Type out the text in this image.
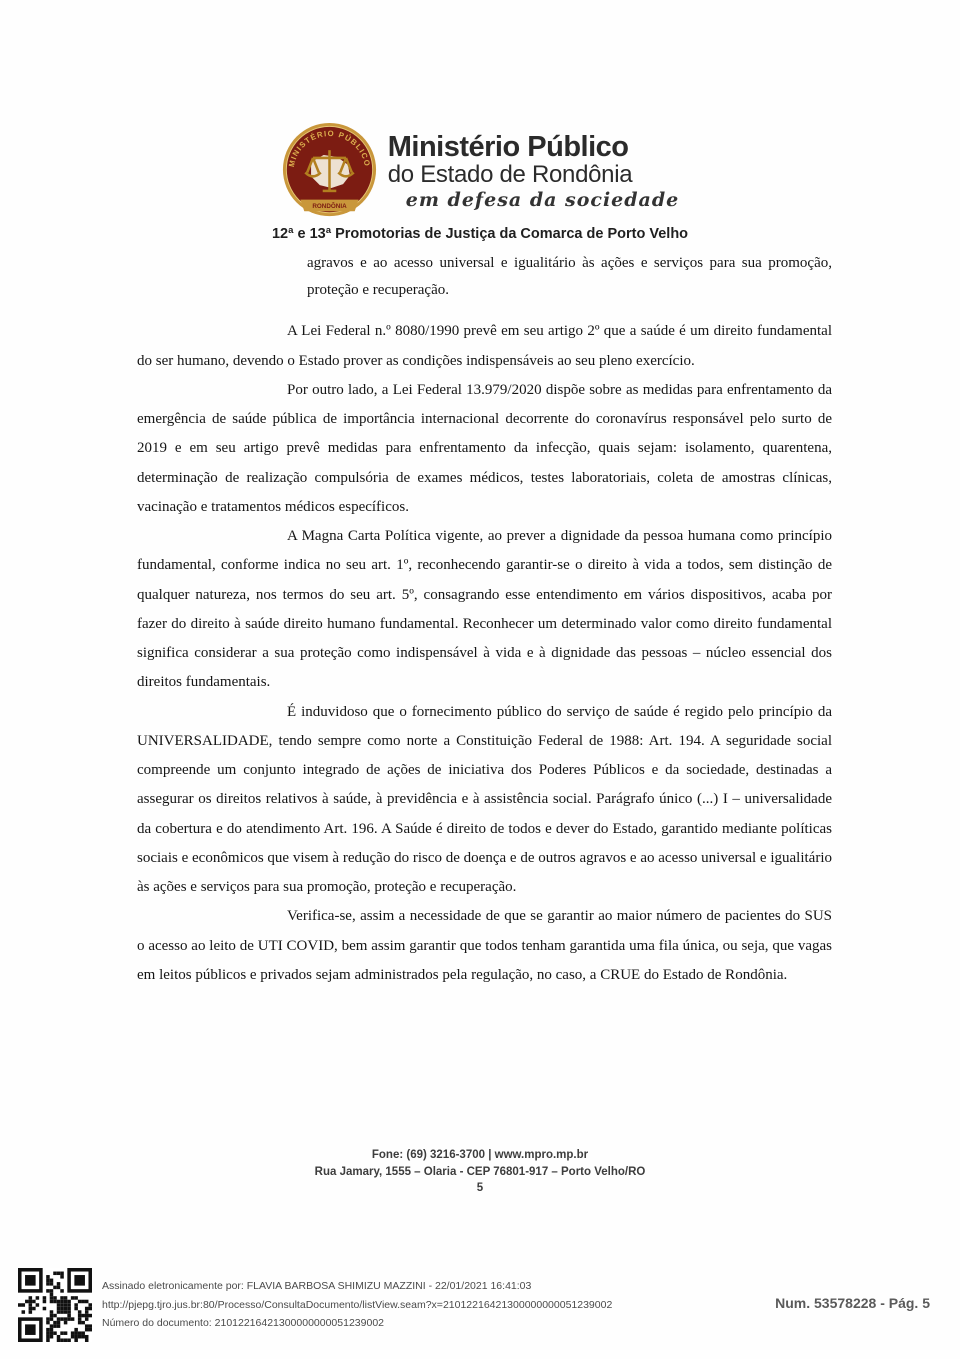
MINISTÉRIO PÚBLICO
RONDÔNIA
Ministério Público
do Estado de Rondônia
em defesa da sociedade
12ª e 13ª Promotorias de Justiça da Comarca de Porto Velho

agravos e ao acesso universal e igualitário às ações e serviços para sua promoção, proteção e recuperação.

A Lei Federal n.º 8080/1990 prevê em seu artigo 2º que a saúde é um direito fundamental do ser humano, devendo o Estado prover as condições indispensáveis ao seu pleno exercício.

Por outro lado, a Lei Federal 13.979/2020 dispõe sobre as medidas para enfrentamento da emergência de saúde pública de importância internacional decorrente do coronavírus responsável pelo surto de 2019 e em seu artigo prevê medidas para enfrentamento da infecção, quais sejam: isolamento, quarentena, determinação de realização compulsória de exames médicos, testes laboratoriais, coleta de amostras clínicas, vacinação e tratamentos médicos específicos.

A Magna Carta Política vigente, ao prever a dignidade da pessoa humana como princípio fundamental, conforme indica no seu art. 1º, reconhecendo garantir-se o direito à vida a todos, sem distinção de qualquer natureza, nos termos do seu art. 5º, consagrando esse entendimento em vários dispositivos, acaba por fazer do direito à saúde direito humano fundamental. Reconhecer um determinado valor como direito fundamental significa considerar a sua proteção como indispensável à vida e à dignidade das pessoas – núcleo essencial dos direitos fundamentais.

É induvidoso que o fornecimento público do serviço de saúde é regido pelo princípio da UNIVERSALIDADE, tendo sempre como norte a Constituição Federal de 1988: Art. 194. A seguridade social compreende um conjunto integrado de ações de iniciativa dos Poderes Públicos e da sociedade, destinadas a assegurar os direitos relativos à saúde, à previdência e à assistência social. Parágrafo único (...) I – universalidade da cobertura e do atendimento Art. 196. A Saúde é direito de todos e dever do Estado, garantido mediante políticas sociais e econômicos que visem à redução do risco de doença e de outros agravos e ao acesso universal e igualitário às ações e serviços para sua promoção, proteção e recuperação.

Verifica-se, assim a necessidade de que se garantir ao maior número de pacientes do SUS o acesso ao leito de UTI COVID, bem assim garantir que todos tenham garantida uma fila única, ou seja, que vagas em leitos públicos e privados sejam administrados pela regulação, no caso, a CRUE do Estado de Rondônia.

Fone: (69) 3216-3700 | www.mpro.mp.br
Rua Jamary, 1555 – Olaria - CEP 76801-917 – Porto Velho/RO
5
Assinado eletronicamente por: FLAVIA BARBOSA SHIMIZU MAZZINI - 22/01/2021 16:41:03
http://pjepg.tjro.jus.br:80/Processo/ConsultaDocumento/listView.seam?x=21012216421300000000051239002
Número do documento: 21012216421300000000051239002
Num. 53578228 - Pág. 5
